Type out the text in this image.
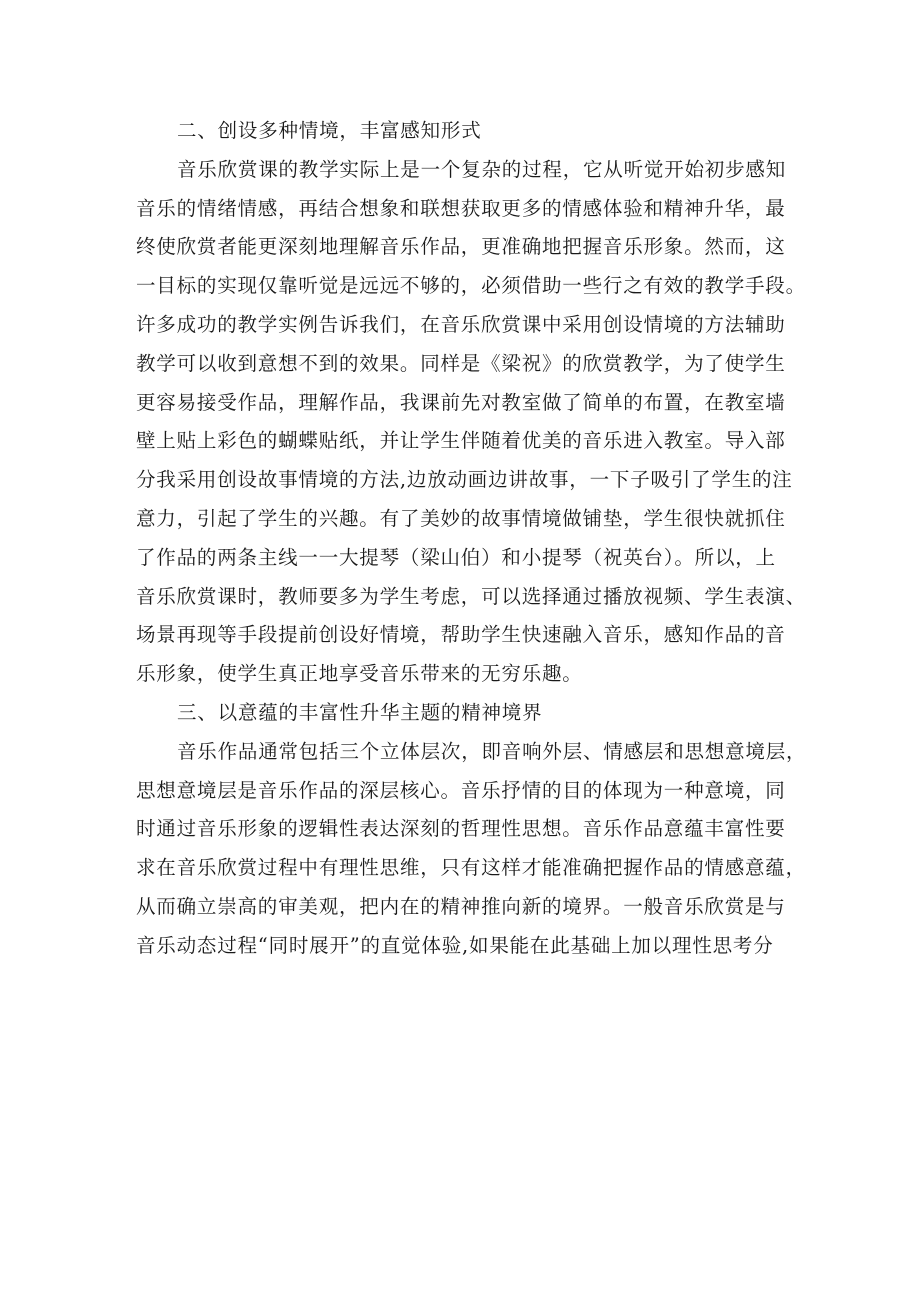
二、创设多种情境，丰富感知形式
音乐欣赏课的教学实际上是一个复杂的过程，它从听觉开始初步感知
音乐的情绪情感，再结合想象和联想获取更多的情感体验和精神升华，最
终使欣赏者能更深刻地理解音乐作品，更准确地把握音乐形象。然而，这
一目标的实现仅靠听觉是远远不够的，必须借助一些行之有效的教学手段。
许多成功的教学实例告诉我们，在音乐欣赏课中采用创设情境的方法辅助
教学可以收到意想不到的效果。同样是《梁祝》的欣赏教学，为了使学生
更容易接受作品，理解作品，我课前先对教室做了简单的布置，在教室墙
壁上贴上彩色的蝴蝶贴纸，并让学生伴随着优美的音乐进入教室。导入部
分我采用创设故事情境的方法,边放动画边讲故事，一下子吸引了学生的注
意力，引起了学生的兴趣。有了美妙的故事情境做铺垫，学生很快就抓住
了作品的两条主线一一大提琴（梁山伯）和小提琴（祝英台）。所以，上
音乐欣赏课时，教师要多为学生考虑，可以选择通过播放视频、学生表演、
场景再现等手段提前创设好情境，帮助学生快速融入音乐，感知作品的音
乐形象，使学生真正地享受音乐带来的无穷乐趣。
三、以意蕴的丰富性升华主题的精神境界
音乐作品通常包括三个立体层次，即音响外层、情感层和思想意境层，
思想意境层是音乐作品的深层核心。音乐抒情的目的体现为一种意境，同
时通过音乐形象的逻辑性表达深刻的哲理性思想。音乐作品意蕴丰富性要
求在音乐欣赏过程中有理性思维，只有这样才能准确把握作品的情感意蕴，
从而确立崇高的审美观，把内在的精神推向新的境界。一般音乐欣赏是与
音乐动态过程“同时展开”的直觉体验,如果能在此基础上加以理性思考分
